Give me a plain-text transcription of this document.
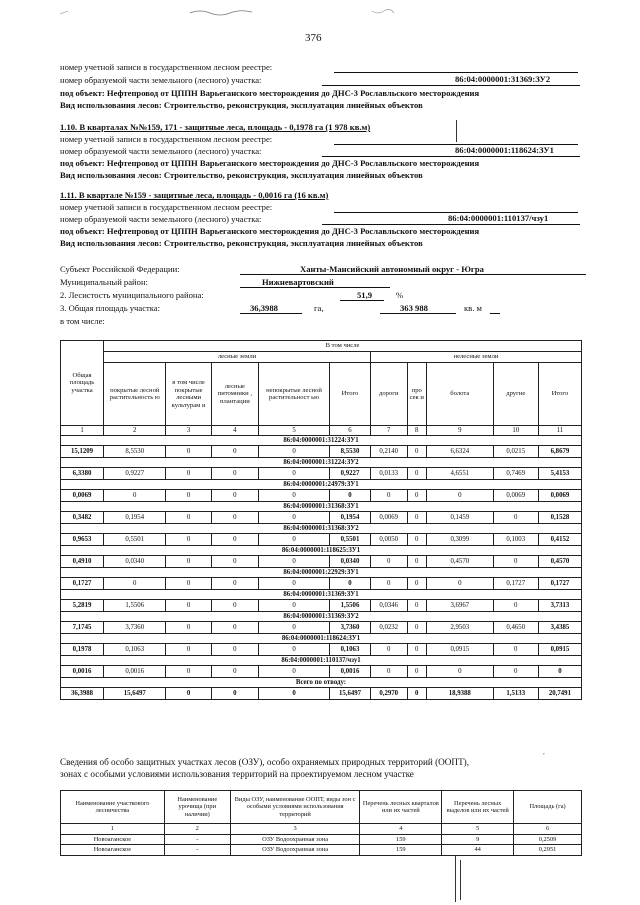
376
номер учетной записи в государственном лесном реестре:
номер образуемой части земельного (лесного) участка:	86:04:0000001:31369:ЗУ2
под объект: Нефтепровод от ЦППН Варьеганского месторождения до ДНС-3 Рославльского месторождения
Вид использования лесов: Строительство, реконструкция, эксплуатация линейных объектов
1.10. В кварталах №№159, 171 - защитные леса, площадь - 0,1978 га (1 978 кв.м)
номер учетной записи в государственном лесном реестре:
номер образуемой части земельного (лесного) участка:	86:04:0000001:118624:ЗУ1
под объект: Нефтепровод от ЦППН Варьеганского месторождения до ДНС-3 Рославльского месторождения
Вид использования лесов: Строительство, реконструкция, эксплуатация линейных объектов
1.11. В квартале №159 - защитные леса, площадь - 0,0016 га (16 кв.м)
номер учетной записи в государственном лесном реестре:
номер образуемой части земельного (лесного) участка:	86:04:0000001:110137/чзу1
под объект: Нефтепровод от ЦППН Варьеганского месторождения до ДНС-3 Рославльского месторождения
Вид использования лесов: Строительство, реконструкция, эксплуатация линейных объектов
Субъект Российской Федерации:	Ханты-Мансийский автономный округ - Югра
Муниципальный район:	Нижневартовский
2. Лесистость муниципального района:	51,9	%
3. Общая площадь участка:	36,3988	га,	363 988	кв. м
в том числе:
Общая площадь участка	В том числе									
	лесные земли					нелесные земли				
	покрытые лесной растительность ю	в том числе покрытые лесными культурам и	лесные питомники , плантации	непокрытые лесной растительност ью	Итого	дороги	про сек и	болота	другие	Итого
1	2	3	4	5	6	7	8	9	10	11
86:04:0000001:31224:ЗУ1										
15,1209	8,5530	0	0	0	8,5530	0,2140	0	6,6324	0,0215	6,8679
86:04:0000001:31224:ЗУ2										
6,3380	0,9227	0	0	0	0,9227	0,0133	0	4,6551	0,7469	5,4153
86:04:0000001:24979:ЗУ1										
0,0069	0	0	0	0	0	0	0	0	0,0069	0,0069
86:04:0000001:31368:ЗУ1										
0,3482	0,1954	0	0	0	0,1954	0,0069	0	0,1459	0	0,1528
86:04:0000001:31368:ЗУ2										
0,9653	0,5501	0	0	0	0,5501	0,0050	0	0,3099	0,1003	0,4152
86:04:0000001:118625:ЗУ1										
0,4910	0,0340	0	0	0	0,0340	0	0	0,4570	0	0,4570
86:04:0000001:22929:ЗУ1										
0,1727	0	0	0	0	0	0	0	0	0,1727	0,1727
86:04:0000001:31369:ЗУ1										
5,2819	1,5506	0	0	0	1,5506	0,0346	0	3,6967	0	3,7313
86:04:0000001:31369:ЗУ2										
7,1745	3,7360	0	0	0	3,7360	0,0232	0	2,9503	0,4650	3,4385
86:04:0000001:118624:ЗУ1										
0,1978	0,1063	0	0	0	0,1063	0	0	0,0915	0	0,0915
86:04:0000001:110137/чзу1										
0,0016	0,0016	0	0	0	0,0016	0	0	0	0	0
Всего по отводу:										
36,3988	15,6497	0	0	0	15,6497	0,2970	0	18,9388	1,5133	20,7491
,
Сведения об особо защитных участках лесов (ОЗУ), особо охраняемых природных территорий (ООПТ),
зонах с особыми условиями использования территорий на проектируемом лесном участке
Наименование участкового лесничества	Наименование урочища (при наличии)	Виды ОЗУ, наименование ООПТ, виды зон с особыми условиями использования территорий	Перечень лесных кварталов или их частей	Перечень лесных выделов или их частей	Площадь (га)
1	2	3	4	5	6
Новоаганское	-	ОЗУ Водоохранная зона	159	9	0,2509
Новоаганское	-	ОЗУ Водоохранная зона	159	44	0,2951
